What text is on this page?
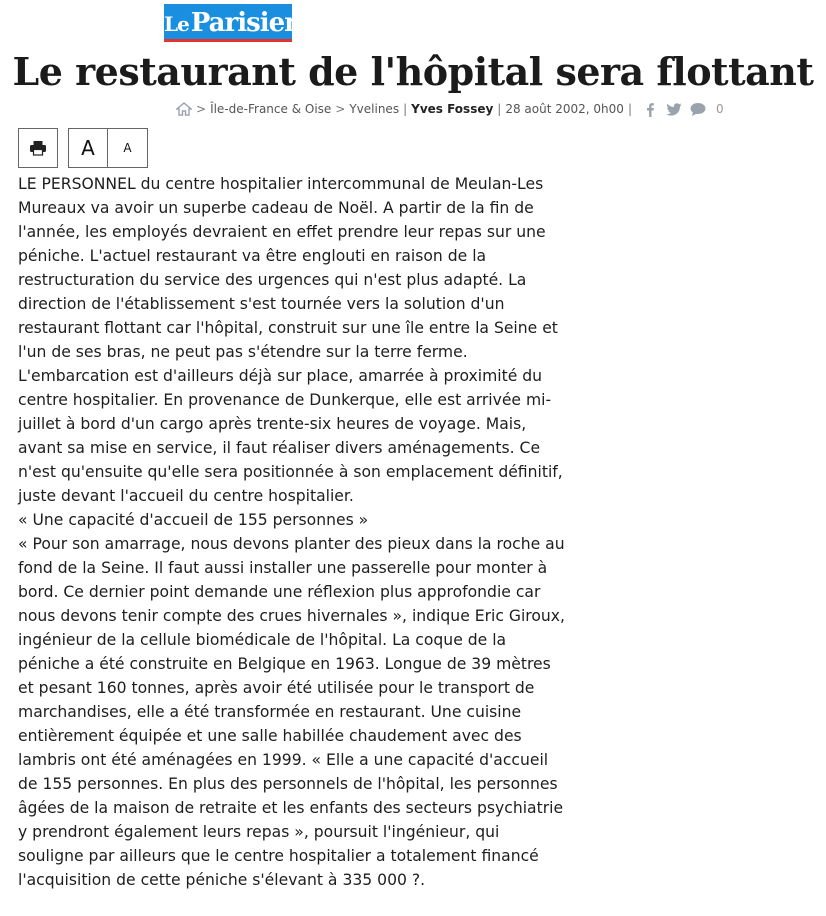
LeParisien
Le restaurant de l'hôpital sera flottant
> Île-de-France & Oise > Yvelines | Yves Fossey | 28 août 2002, 0h00 |	0
A	A

LE PERSONNEL du centre hospitalier intercommunal de Meulan-Les Mureaux va avoir un superbe cadeau de Noël. A partir de la fin de l'année, les employés devraient en effet prendre leur repas sur une péniche. L'actuel restaurant va être englouti en raison de la restructuration du service des urgences qui n'est plus adapté. La direction de l'établissement s'est tournée vers la solution d'un restaurant flottant car l'hôpital, construit sur une île entre la Seine et l'un de ses bras, ne peut pas s'étendre sur la terre ferme.

L'embarcation est d'ailleurs déjà sur place, amarrée à proximité du centre hospitalier. En provenance de Dunkerque, elle est arrivée mi-juillet à bord d'un cargo après trente-six heures de voyage. Mais, avant sa mise en service, il faut réaliser divers aménagements. Ce n'est qu'ensuite qu'elle sera positionnée à son emplacement définitif, juste devant l'accueil du centre hospitalier.

« Une capacité d'accueil de 155 personnes »

« Pour son amarrage, nous devons planter des pieux dans la roche au fond de la Seine. Il faut aussi installer une passerelle pour monter à bord. Ce dernier point demande une réflexion plus approfondie car nous devons tenir compte des crues hivernales », indique Eric Giroux, ingénieur de la cellule biomédicale de l'hôpital. La coque de la péniche a été construite en Belgique en 1963. Longue de 39 mètres et pesant 160 tonnes, après avoir été utilisée pour le transport de marchandises, elle a été transformée en restaurant. Une cuisine entièrement équipée et une salle habillée chaudement avec des lambris ont été aménagées en 1999. « Elle a une capacité d'accueil de 155 personnes. En plus des personnels de l'hôpital, les personnes âgées de la maison de retraite et les enfants des secteurs psychiatrie y prendront également leurs repas », poursuit l'ingénieur, qui souligne par ailleurs que le centre hospitalier a totalement financé l'acquisition de cette péniche s'élevant à 335 000 ?.
